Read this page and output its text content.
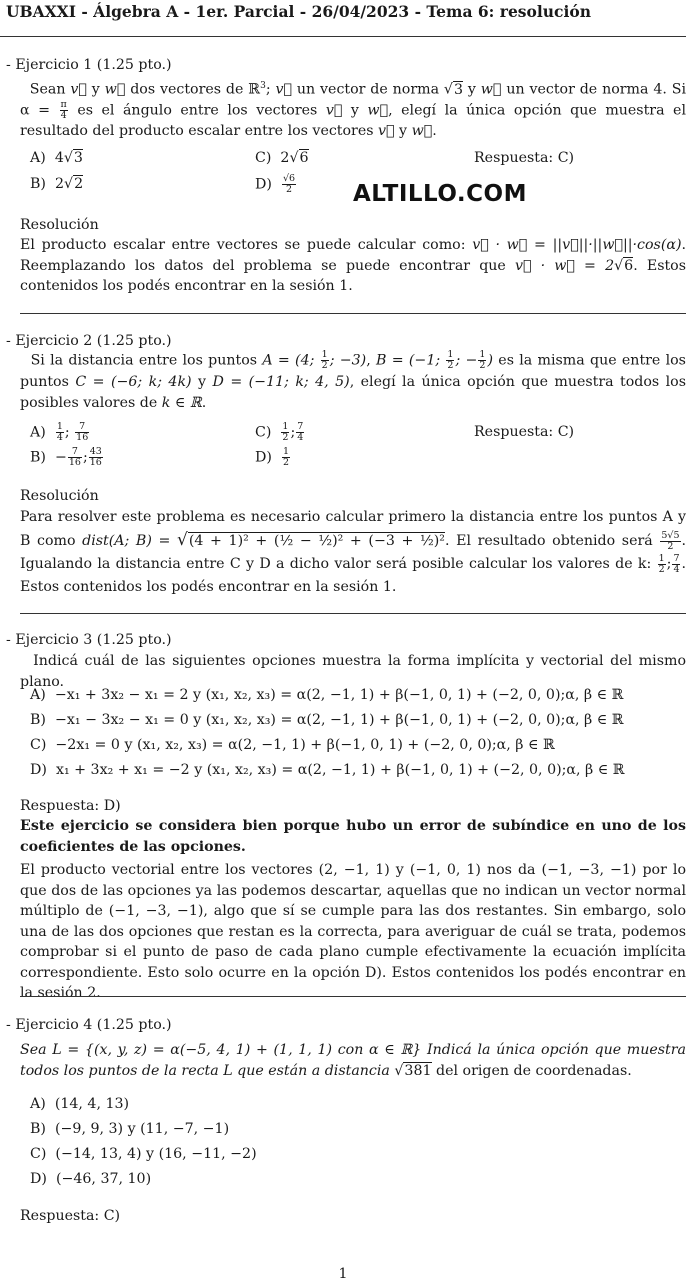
UBAXXI - Álgebra A - 1er. Parcial - 26/04/2023 - Tema 6: resolución
- Ejercicio 1 (1.25 pto.)
Sean v⃗ y w⃗ dos vectores de ℝ$^3$; v⃗ un vector de norma √3 y w⃗ un vector de norma 4. Si $\alpha = \frac{\pi}{4}$ es el ángulo entre los vectores v⃗ y w⃗, elegí la única opción que muestra el resultado del producto escalar entre los vectores v⃗ y w⃗.
A) 4√3	C) 2√6	Respuesta: C)
B) 2√2	$D) \frac{√6}{2}$ ALTILLO.COM
Resolución
El producto escalar entre vectores se puede calcular como: v⃗ · w⃗ = ||v⃗||·||w⃗||·cos(α). Reemplazando los datos del problema se puede encontrar que v⃗ · w⃗ = 2√6. Estos contenidos los podés encontrar en la sesión 1.
- Ejercicio 2 (1.25 pto.)
Si la distancia entre los puntos A = (4; $\frac{1}{2}$ ; −3), B = (−1; $\frac{1}{2}$ ; − $\frac{1}{2}$ ) es la misma que entre los puntos C = (−6; k; 4k) y D = (−11; k; 4, 5), elegí la única opción que muestra todos los posibles valores de k ∈ ℝ.
$A) \frac{1}{4}$ ; $\frac{7}{16}$	$C) \frac{1}{2}$ ; $\frac{7}{4}$	Respuesta: C)
$B) - \frac{7}{16}$ ; $\frac{43}{16}$	$D) \frac{1}{2}$
Resolución
Para resolver este problema es necesario calcular primero la distancia entre los puntos A y B como dist(A; B) = √(4 + 1)² + (½ − ½)² + (−3 + ½)². El resultado obtenido será $\frac{5√5}{2}$ . Igualando la distancia entre C y D a dicho valor será posible calcular los valores de k: $\frac{1}{2}$ ; $\frac{7}{4}$ . Estos contenidos los podés encontrar en la sesión 1.
- Ejercicio 3 (1.25 pto.)
Indicá cuál de las siguientes opciones muestra la forma implícita y vectorial del mismo plano.
A) −x₁ + 3x₂ − x₁ = 2 y (x₁, x₂, x₃) = α(2, −1, 1) + β(−1, 0, 1) + (−2, 0, 0);α, β ∈ ℝ
B) −x₁ − 3x₂ − x₁ = 0 y (x₁, x₂, x₃) = α(2, −1, 1) + β(−1, 0, 1) + (−2, 0, 0);α, β ∈ ℝ
C) −2x₁ = 0 y (x₁, x₂, x₃) = α(2, −1, 1) + β(−1, 0, 1) + (−2, 0, 0);α, β ∈ ℝ
D) x₁ + 3x₂ + x₁ = −2 y (x₁, x₂, x₃) = α(2, −1, 1) + β(−1, 0, 1) + (−2, 0, 0);α, β ∈ ℝ
Respuesta: D)
Este ejercicio se considera bien porque hubo un error de subíndice en uno de los coeficientes de las opciones.
El producto vectorial entre los vectores (2, −1, 1) y (−1, 0, 1) nos da (−1, −3, −1) por lo que dos de las opciones ya las podemos descartar, aquellas que no indican un vector normal múltiplo de (−1, −3, −1), algo que sí se cumple para las dos restantes. Sin embargo, solo una de las dos opciones que restan es la correcta, para averiguar de cuál se trata, podemos comprobar si el punto de paso de cada plano cumple efectivamente la ecuación implícita correspondiente. Esto solo ocurre en la opción D). Estos contenidos los podés encontrar en la sesión 2.
- Ejercicio 4 (1.25 pto.)
Sea L = {(x, y, z) = α(−5, 4, 1) + (1, 1, 1) con α ∈ ℝ} Indicá la única opción que muestra todos los puntos de la recta L que están a distancia √381 del origen de coordenadas.
A) (14, 4, 13)
B) (−9, 9, 3) y (11, −7, −1)
C) (−14, 13, 4) y (16, −11, −2)
D) (−46, 37, 10)
Respuesta: C)
1
